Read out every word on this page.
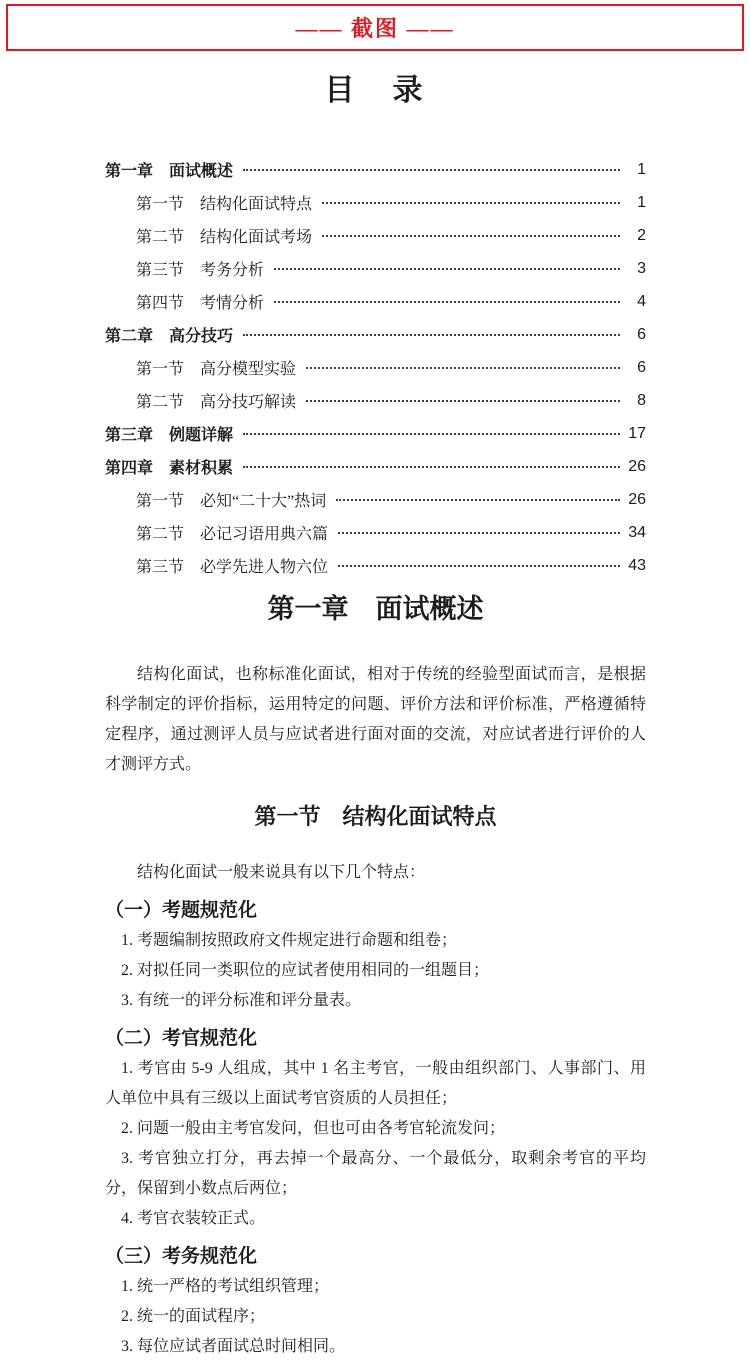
—— 截图 ——
目　录
第一章　面试概述	1
第一节　结构化面试特点	1
第二节　结构化面试考场	2
第三节　考务分析	3
第四节　考情分析	4
第二章　高分技巧	6
第一节　高分模型实验	6
第二节　高分技巧解读	8
第三章　例题详解	17
第四章　素材积累	26
第一节　必知“二十大”热词	26
第二节　必记习语用典六篇	34
第三节　必学先进人物六位	43
第一章　面试概述

结构化面试，也称标准化面试，相对于传统的经验型面试而言，是根据科学制定的评价指标，运用特定的问题、评价方法和评价标准，严格遵循特定程序，通过测评人员与应试者进行面对面的交流，对应试者进行评价的人才测评方式。

第一节　结构化面试特点

结构化面试一般来说具有以下几个特点：

（一）考题规范化

1. 考题编制按照政府文件规定进行命题和组卷；

2. 对拟任同一类职位的应试者使用相同的一组题目；

3. 有统一的评分标准和评分量表。

（二）考官规范化

1. 考官由 5-9 人组成，其中 1 名主考官，一般由组织部门、人事部门、用人单位中具有三级以上面试考官资质的人员担任；

2. 问题一般由主考官发问，但也可由各考官轮流发问；

3. 考官独立打分，再去掉一个最高分、一个最低分，取剩余考官的平均分，保留到小数点后两位；

4. 考官衣装较正式。

（三）考务规范化

1. 统一严格的考试组织管理；

2. 统一的面试程序；

3. 每位应试者面试总时间相同。
